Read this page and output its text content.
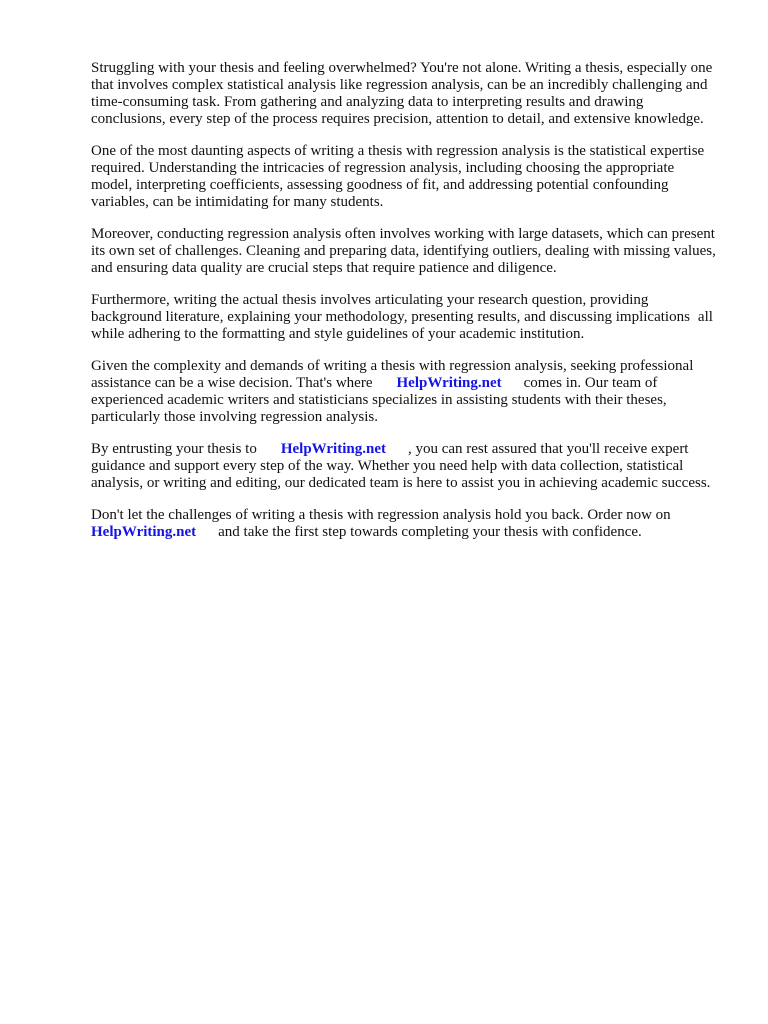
Struggling with your thesis and feeling overwhelmed? You're not alone. Writing a thesis, especially one that involves complex statistical analysis like regression analysis, can be an incredibly challenging and time-consuming task. From gathering and analyzing data to interpreting results and drawing conclusions, every step of the process requires precision, attention to detail, and extensive knowledge.

One of the most daunting aspects of writing a thesis with regression analysis is the statistical expertise required. Understanding the intricacies of regression analysis, including choosing the appropriate model, interpreting coefficients, assessing goodness of fit, and addressing potential confounding variables, can be intimidating for many students.

Moreover, conducting regression analysis often involves working with large datasets, which can present its own set of challenges. Cleaning and preparing data, identifying outliers, dealing with missing values, and ensuring data quality are crucial steps that require patience and diligence.

Furthermore, writing the actual thesis involves articulating your research question, providing background literature, explaining your methodology, presenting results, and discussing implications all while adhering to the formatting and style guidelines of your academic institution.

Given the complexity and demands of writing a thesis with regression analysis, seeking professional assistance can be a wise decision. That's where HelpWriting.net comes in. Our team of experienced academic writers and statisticians specializes in assisting students with their theses, particularly those involving regression analysis.

By entrusting your thesis to HelpWriting.net , you can rest assured that you'll receive expert guidance and support every step of the way. Whether you need help with data collection, statistical analysis, or writing and editing, our dedicated team is here to assist you in achieving academic success.

Don't let the challenges of writing a thesis with regression analysis hold you back. Order now on HelpWriting.net and take the first step towards completing your thesis with confidence.
